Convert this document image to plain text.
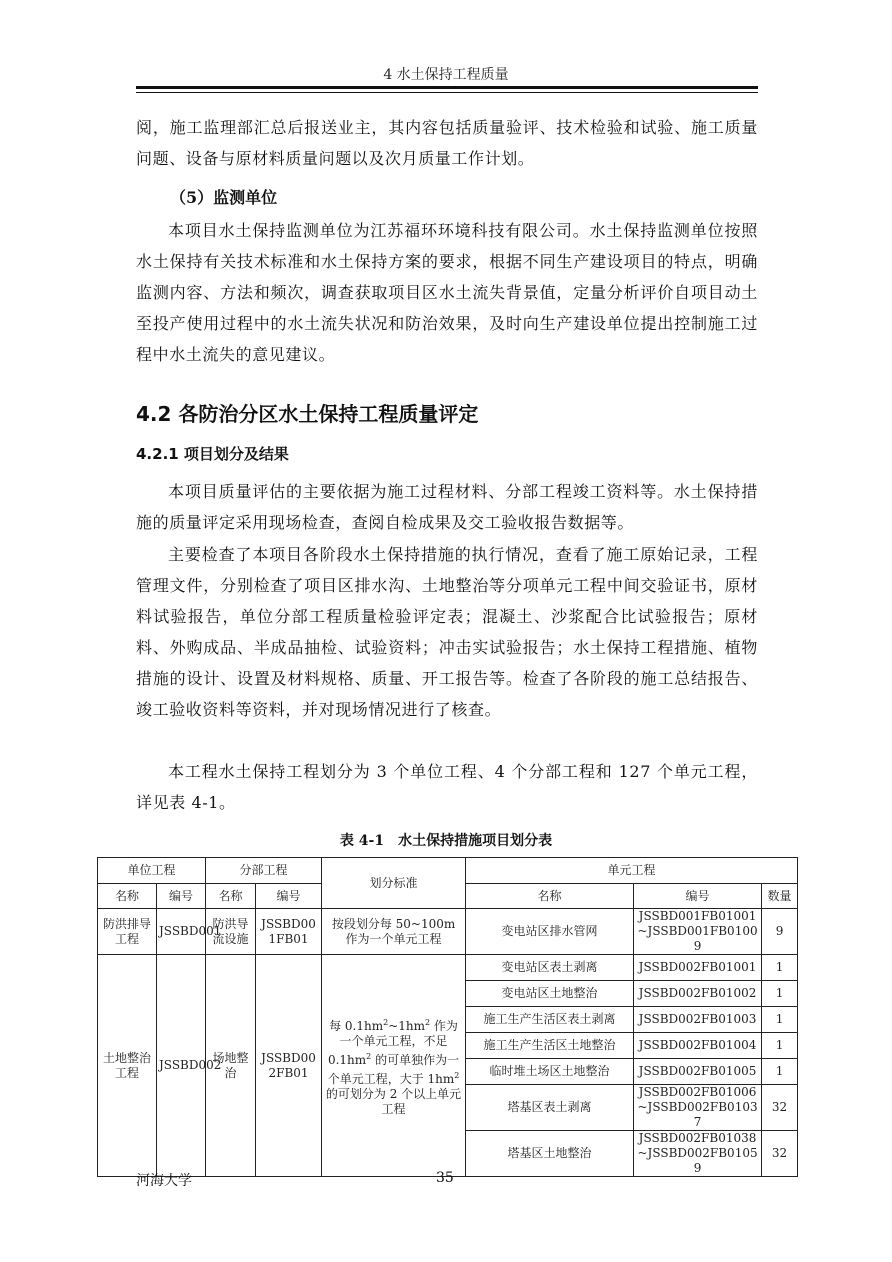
4 水土保持工程质量
阅，施工监理部汇总后报送业主，其内容包括质量验评、技术检验和试验、施工质量问题、设备与原材料质量问题以及次月质量工作计划。
（5）监测单位
本项目水土保持监测单位为江苏福环环境科技有限公司。水土保持监测单位按照水土保持有关技术标准和水土保持方案的要求，根据不同生产建设项目的特点，明确监测内容、方法和频次，调查获取项目区水土流失背景值，定量分析评价自项目动土至投产使用过程中的水土流失状况和防治效果，及时向生产建设单位提出控制施工过程中水土流失的意见建议。
4.2 各防治分区水土保持工程质量评定
4.2.1 项目划分及结果
本项目质量评估的主要依据为施工过程材料、分部工程竣工资料等。水土保持措施的质量评定采用现场检查，查阅自检成果及交工验收报告数据等。
主要检查了本项目各阶段水土保持措施的执行情况，查看了施工原始记录，工程管理文件，分别检查了项目区排水沟、土地整治等分项单元工程中间交验证书，原材料试验报告，单位分部工程质量检验评定表；混凝土、沙浆配合比试验报告；原材料、外购成品、半成品抽检、试验资料；冲击实试验报告；水土保持工程措施、植物措施的设计、设置及材料规格、质量、开工报告等。检查了各阶段的施工总结报告、竣工验收资料等资料，并对现场情况进行了核查。
本工程水土保持工程划分为 3 个单位工程、4 个分部工程和 127 个单元工程，详见表 4-1。
表 4-1　水土保持措施项目划分表
单位工程		分部工程		划分标准	单元工程		
名称	编号	名称	编号		名称	编号	数量
防洪排导工程	JSSBD001	防洪导流设施	JSSBD001FB01	按段划分每 50~100m 作为一个单元工程	变电站区排水管网	JSSBD001FB01001~JSSBD001FB01009	9
土地整治工程	JSSBD002	场地整治	JSSBD002FB01	每 $0.1hm^2\sim 1hm^2$ 作为一个单元工程，不足 $0.1hm^2$ 的可单独作为一个单元工程，大于 $1hm^2$ 的可划分为 2 个以上单元工程	变电站区表土剥离	JSSBD002FB01001	1
					变电站区土地整治	JSSBD002FB01002	1
					施工生产生活区表土剥离	JSSBD002FB01003	1
					施工生产生活区土地整治	JSSBD002FB01004	1
					临时堆土场区土地整治	JSSBD002FB01005	1
					塔基区表土剥离	JSSBD002FB01006~JSSBD002FB01037	32
					塔基区土地整治	JSSBD002FB01038~JSSBD002FB01059	32
河海大学	35
